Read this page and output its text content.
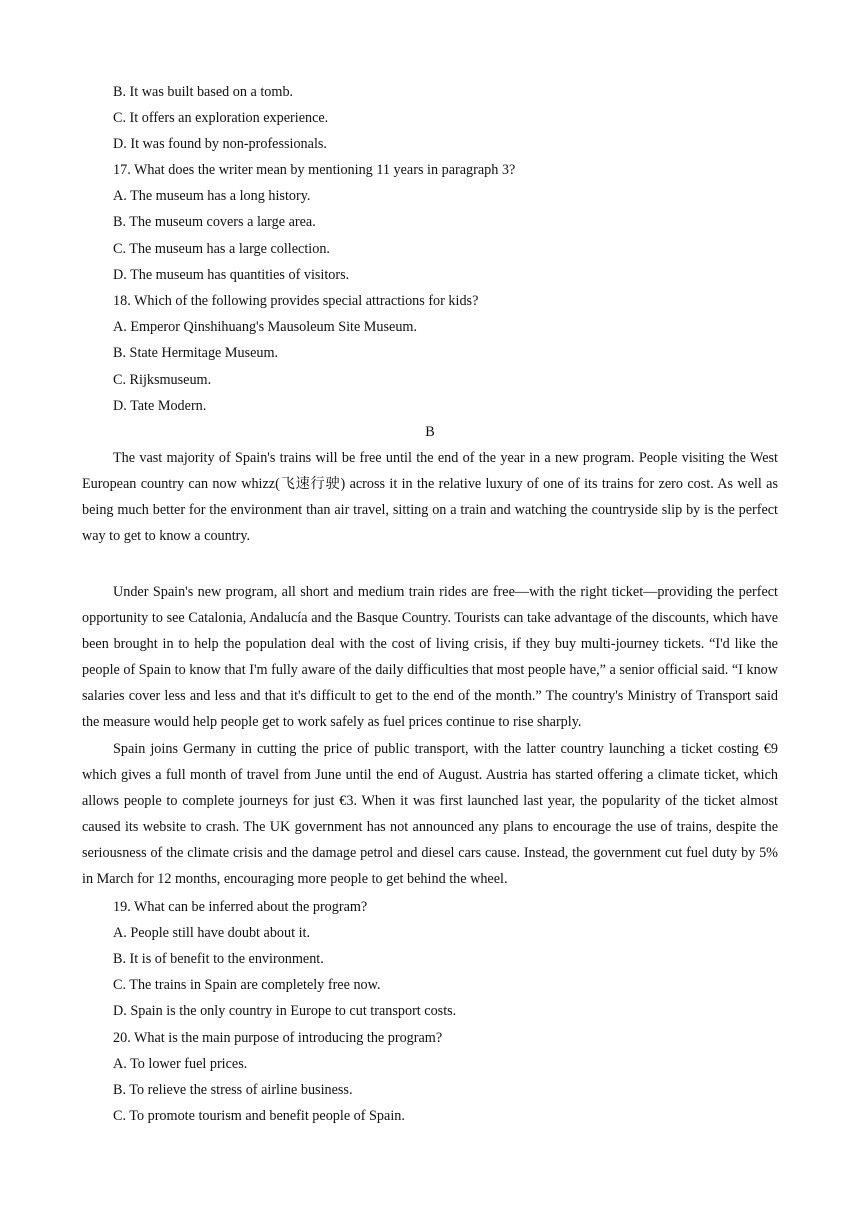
B. It was built based on a tomb.
C. It offers an exploration experience.
D. It was found by non-professionals.
17. What does the writer mean by mentioning 11 years in paragraph 3?
A. The museum has a long history.
B. The museum covers a large area.
C. The museum has a large collection.
D. The museum has quantities of visitors.
18. Which of the following provides special attractions for kids?
A. Emperor Qinshihuang's Mausoleum Site Museum.
B. State Hermitage Museum.
C. Rijksmuseum.
D. Tate Modern.
B

The vast majority of Spain's trains will be free until the end of the year in a new program. People visiting the West European country can now whizz(飞速行驶) across it in the relative luxury of one of its trains for zero cost. As well as being much better for the environment than air travel, sitting on a train and watching the countryside slip by is the perfect way to get to know a country.

Under Spain's new program, all short and medium train rides are free—with the right ticket—providing the perfect opportunity to see Catalonia, Andalucía and the Basque Country. Tourists can take advantage of the discounts, which have been brought in to help the population deal with the cost of living crisis, if they buy multi-journey tickets. “I'd like the people of Spain to know that I'm fully aware of the daily difficulties that most people have,” a senior official said. “I know salaries cover less and less and that it's difficult to get to the end of the month.” The country's Ministry of Transport said the measure would help people get to work safely as fuel prices continue to rise sharply.

Spain joins Germany in cutting the price of public transport, with the latter country launching a ticket costing €9 which gives a full month of travel from June until the end of August. Austria has started offering a climate ticket, which allows people to complete journeys for just €3. When it was first launched last year, the popularity of the ticket almost caused its website to crash. The UK government has not announced any plans to encourage the use of trains, despite the seriousness of the climate crisis and the damage petrol and diesel cars cause. Instead, the government cut fuel duty by 5% in March for 12 months, encouraging more people to get behind the wheel.

19. What can be inferred about the program?
A. People still have doubt about it.
B. It is of benefit to the environment.
C. The trains in Spain are completely free now.
D. Spain is the only country in Europe to cut transport costs.
20. What is the main purpose of introducing the program?
A. To lower fuel prices.
B. To relieve the stress of airline business.
C. To promote tourism and benefit people of Spain.
